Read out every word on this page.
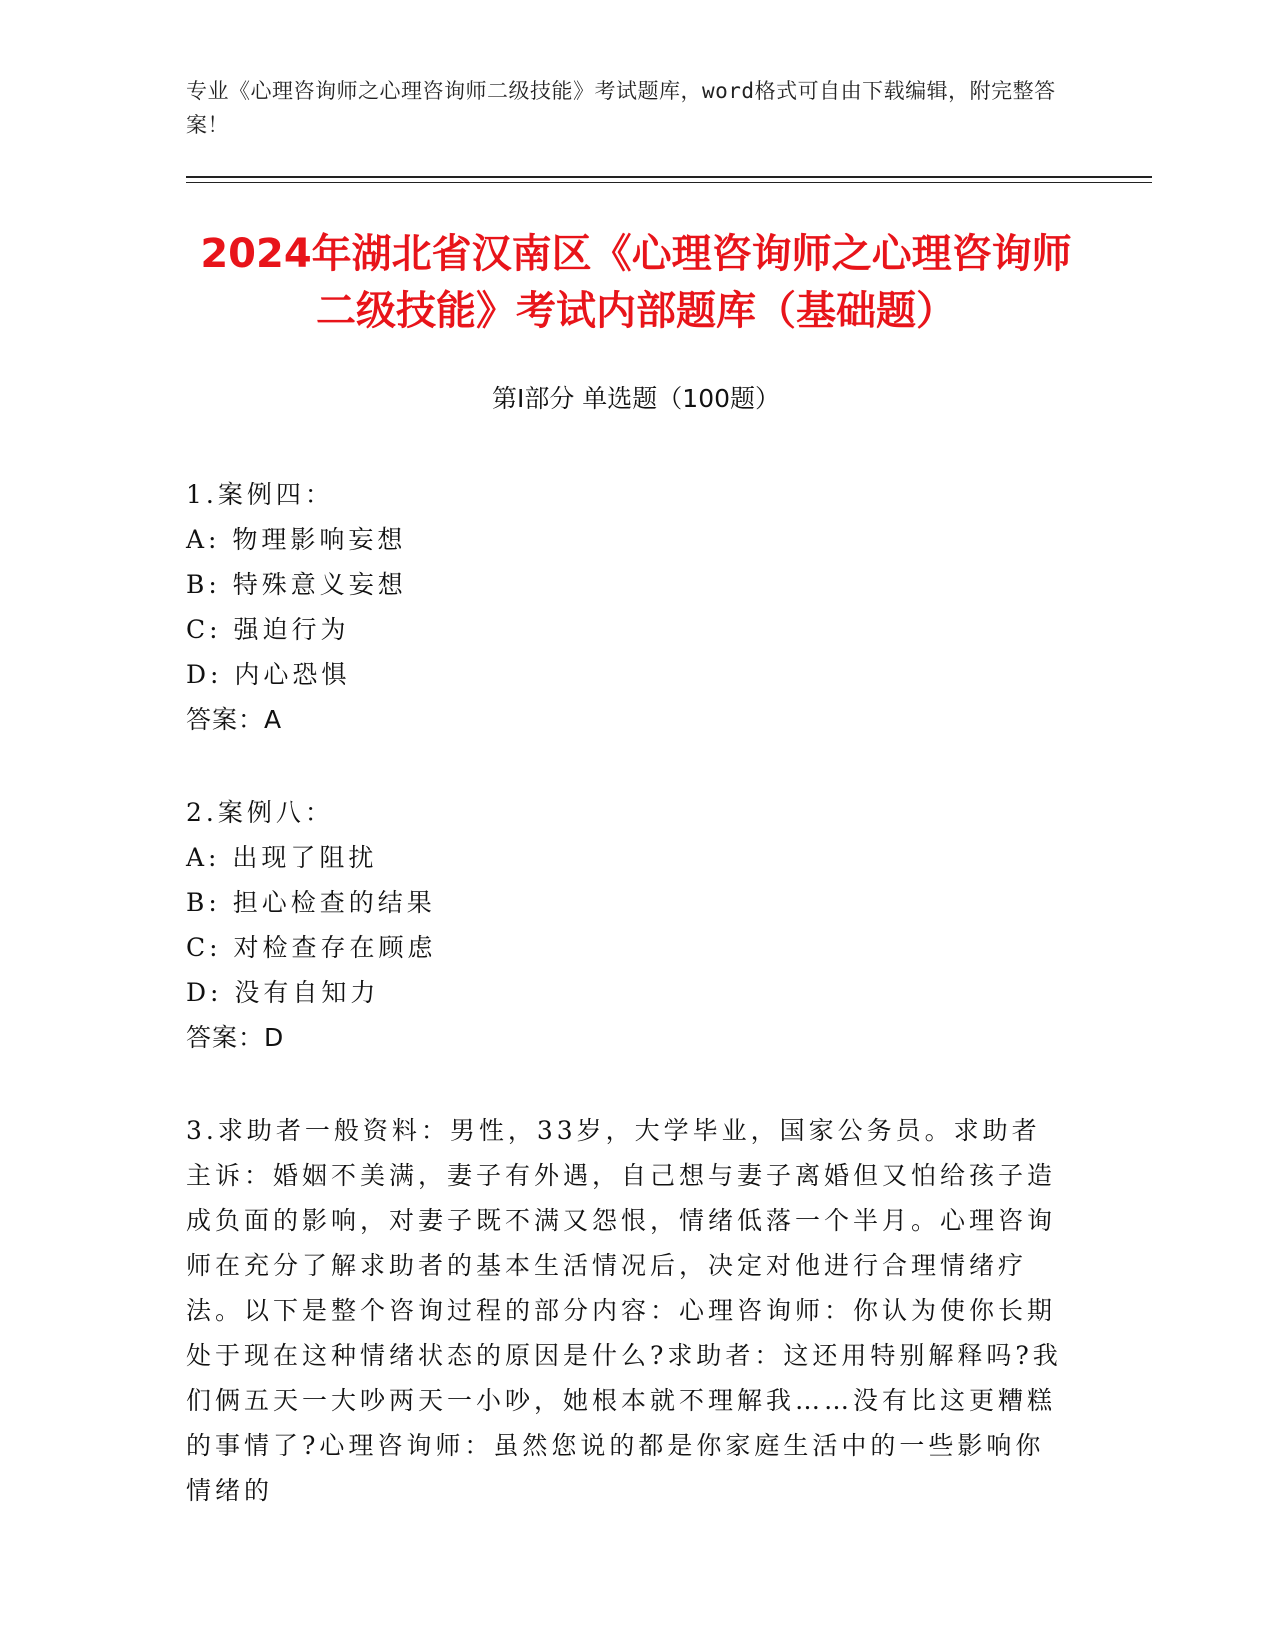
专业《心理咨询师之心理咨询师二级技能》考试题库，word格式可自由下载编辑，附完整答案！
2024年湖北省汉南区《心理咨询师之心理咨询师二级技能》考试内部题库（基础题）
第I部分 单选题（100题）
1.案例四：
A: 物理影响妄想
B: 特殊意义妄想
C: 强迫行为
D: 内心恐惧
答案：A
2.案例八：
A: 出现了阻扰
B: 担心检查的结果
C: 对检查存在顾虑
D: 没有自知力
答案：D
3.求助者一般资料：男性，33岁，大学毕业，国家公务员。求助者主诉：婚姻不美满，妻子有外遇，自己想与妻子离婚但又怕给孩子造成负面的影响，对妻子既不满又怨恨，情绪低落一个半月。心理咨询师在充分了解求助者的基本生活情况后，决定对他进行合理情绪疗法。以下是整个咨询过程的部分内容：心理咨询师：你认为使你长期处于现在这种情绪状态的原因是什么?求助者：这还用特别解释吗?我们俩五天一大吵两天一小吵，她根本就不理解我……没有比这更糟糕的事情了?心理咨询师：虽然您说的都是你家庭生活中的一些影响你情绪的
